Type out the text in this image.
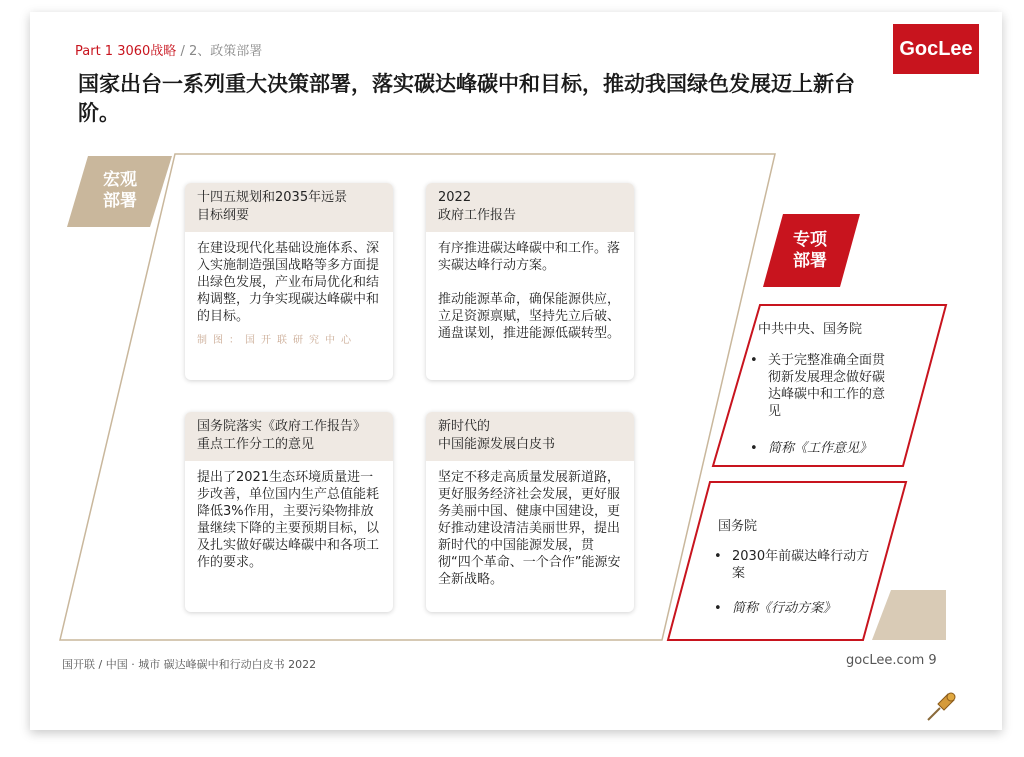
Part 1 3060战略 / 2、政策部署	GocLee
国家出台一系列重大决策部署，落实碳达峰碳中和目标，推动我国绿色发展迈上新台阶。
宏观
部署
专项
部署
十四五规划和2035年远景
目标纲要
在建设现代化基础设施体系、深入实施制造强国战略等多方面提出绿色发展，产业布局优化和结构调整，力争实现碳达峰碳中和的目标。
制图：国开联研究中心
2022
政府工作报告
有序推进碳达峰碳中和工作。落实碳达峰行动方案。

推动能源革命，确保能源供应，立足资源禀赋，坚持先立后破、通盘谋划，推进能源低碳转型。
国务院落实《政府工作报告》
重点工作分工的意见
提出了2021生态环境质量进一步改善，单位国内生产总值能耗降低3%作用，主要污染物排放量继续下降的主要预期目标，以及扎实做好碳达峰碳中和各项工作的要求。
新时代的
中国能源发展白皮书
坚定不移走高质量发展新道路，更好服务经济社会发展，更好服务美丽中国、健康中国建设，更好推动建设清洁美丽世界，提出新时代的中国能源发展，贯彻“四个革命、一个合作”能源安全新战略。
中共中央、国务院
• 关于完整准确全面贯彻新发展理念做好碳达峰碳中和工作的意见
• 简称《工作意见》
国务院
• 2030年前碳达峰行动方案
• 简称《行动方案》
国开联 / 中国 · 城市 碳达峰碳中和行动白皮书 2022	gocLee.com 9
